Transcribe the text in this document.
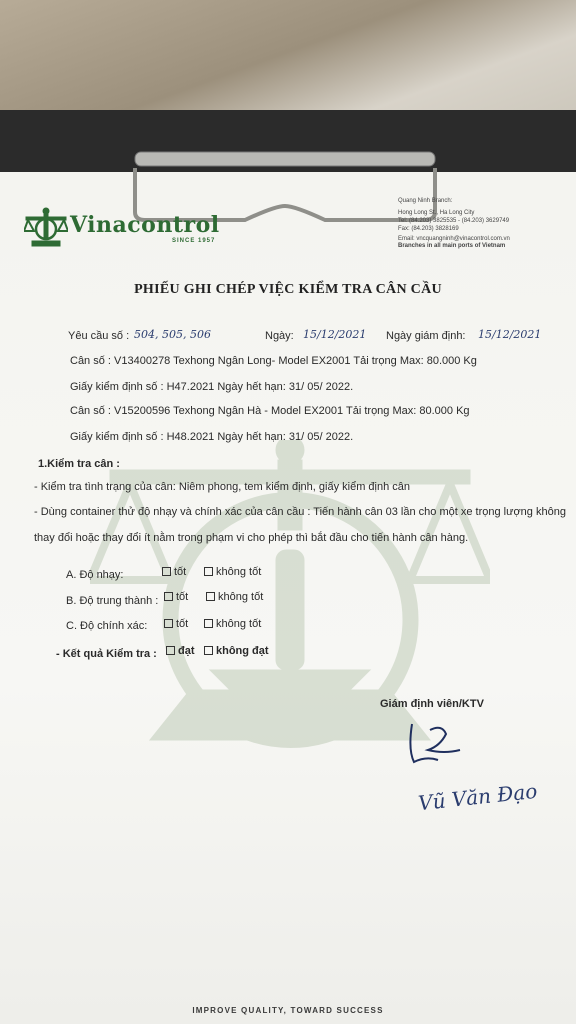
Vinacontrol
SINCE 1957
Quang Ninh Branch:
Hong Long St., Ha Long City
Tel: (84.203) 3825535 - (84.203) 3629749
Fax: (84.203) 3828169
Email: vncquangninh@vinacontrol.com.vn
Branches in all main ports of Vietnam
PHIẾU GHI CHÉP VIỆC KIỂM TRA CÂN CẦU
Yêu cầu số : 504, 505, 506	Ngày: 15/12/2021 Ngày giám định: 15/12/2021
Cân số : V13400278 Texhong Ngân Long- Model EX2001 Tải trọng Max: 80.000 Kg
Giấy kiểm định số : H47.2021 Ngày hết hạn: 31/ 05/ 2022.
Cân số : V15200596 Texhong Ngân Hà - Model EX2001 Tải trọng Max: 80.000 Kg
Giấy kiểm định số : H48.2021 Ngày hết hạn: 31/ 05/ 2022.
1.Kiểm tra cân :
- Kiểm tra tình trạng của cân: Niêm phong, tem kiểm định, giấy kiểm định cân
- Dùng container thử độ nhạy và chính xác của cân cầu : Tiến hành cân 03 lần cho một xe trọng lượng không
thay đổi hoặc thay đổi ít nằm trong phạm vi cho phép thì bắt đầu cho tiến hành cân hàng.
A. Độ nhạy:	tốt	không tốt
B. Độ trung thành :	tốt	không tốt
C. Độ chính xác:	tốt	không tốt
- Kết quả Kiểm tra :	đạt	không đạt
Giám định viên/KTV
Vũ Văn Đạo
IMPROVE QUALITY, TOWARD SUCCESS
